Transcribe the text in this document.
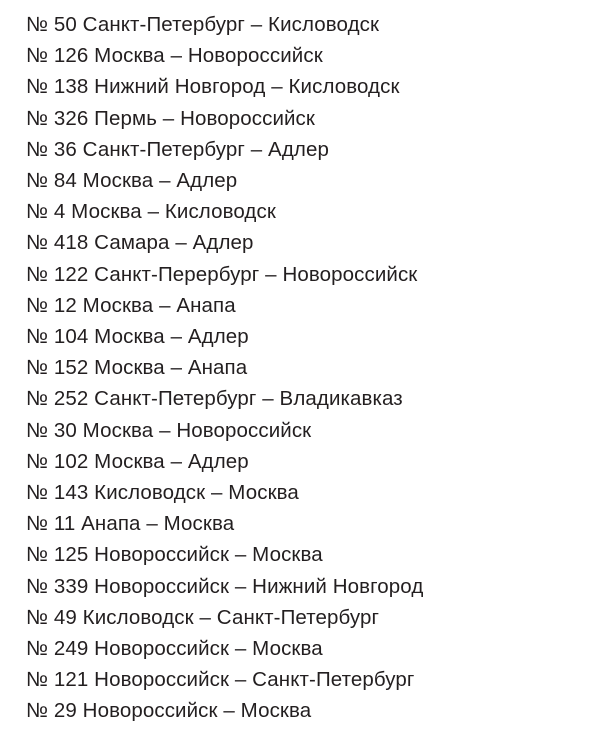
№ 50 Санкт-Петербург – Кисловодск
№ 126 Москва – Новороссийск
№ 138 Нижний Новгород – Кисловодск
№ 326 Пермь – Новороссийск
№ 36 Санкт-Петербург – Адлер
№ 84 Москва – Адлер
№ 4 Москва – Кисловодск
№ 418 Самара – Адлер
№ 122 Санкт-Перербург – Новороссийск
№ 12 Москва – Анапа
№ 104 Москва – Адлер
№ 152 Москва – Анапа
№ 252 Санкт-Петербург – Владикавказ
№ 30 Москва – Новороссийск
№ 102 Москва – Адлер
№ 143 Кисловодск – Москва
№ 11 Анапа – Москва
№ 125 Новороссийск – Москва
№ 339 Новороссийск – Нижний Новгород
№ 49 Кисловодск – Санкт-Петербург
№ 249 Новороссийск – Москва
№ 121 Новороссийск – Санкт-Петербург
№ 29 Новороссийск – Москва
